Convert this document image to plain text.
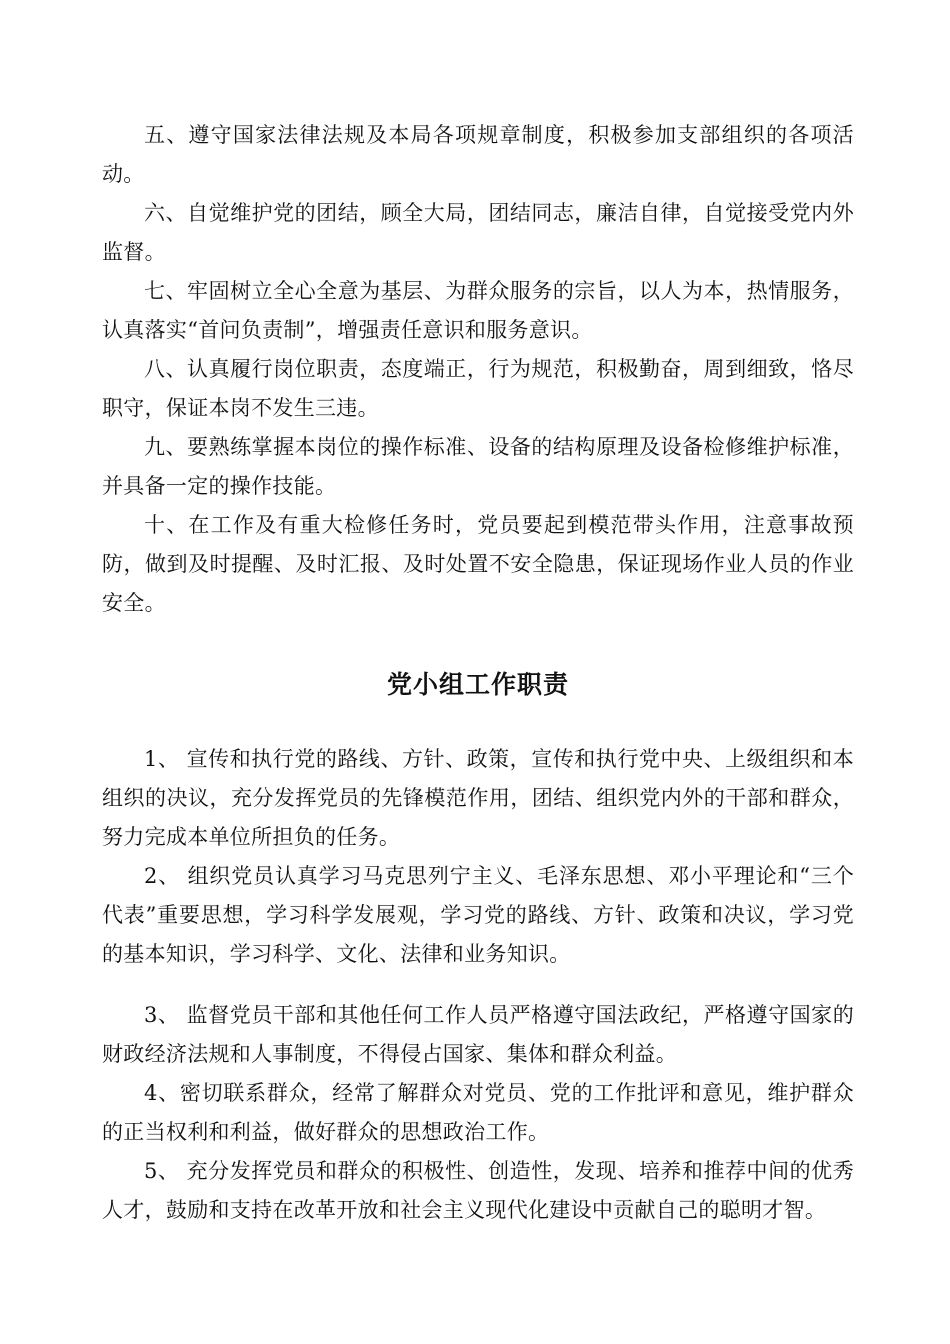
五、遵守国家法律法规及本局各项规章制度，积极参加支部组织的各项活动。

六、自觉维护党的团结，顾全大局，团结同志，廉洁自律，自觉接受党内外监督。

七、牢固树立全心全意为基层、为群众服务的宗旨，以人为本，热情服务，认真落实“首问负责制”，增强责任意识和服务意识。

八、认真履行岗位职责，态度端正，行为规范，积极勤奋，周到细致，恪尽职守，保证本岗不发生三违。

九、要熟练掌握本岗位的操作标准、设备的结构原理及设备检修维护标准，并具备一定的操作技能。

十、在工作及有重大检修任务时，党员要起到模范带头作用，注意事故预防，做到及时提醒、及时汇报、及时处置不安全隐患，保证现场作业人员的作业安全。

党小组工作职责

1、 宣传和执行党的路线、方针、政策，宣传和执行党中央、上级组织和本组织的决议，充分发挥党员的先锋模范作用，团结、组织党内外的干部和群众，努力完成本单位所担负的任务。

2、 组织党员认真学习马克思列宁主义、毛泽东思想、邓小平理论和“三个代表”重要思想，学习科学发展观，学习党的路线、方针、政策和决议，学习党的基本知识，学习科学、文化、法律和业务知识。

3、 监督党员干部和其他任何工作人员严格遵守国法政纪，严格遵守国家的财政经济法规和人事制度，不得侵占国家、集体和群众利益。

4、密切联系群众，经常了解群众对党员、党的工作批评和意见，维护群众的正当权利和利益，做好群众的思想政治工作。

5、 充分发挥党员和群众的积极性、创造性，发现、培养和推荐中间的优秀人才，鼓励和支持在改革开放和社会主义现代化建设中贡献自己的聪明才智。
